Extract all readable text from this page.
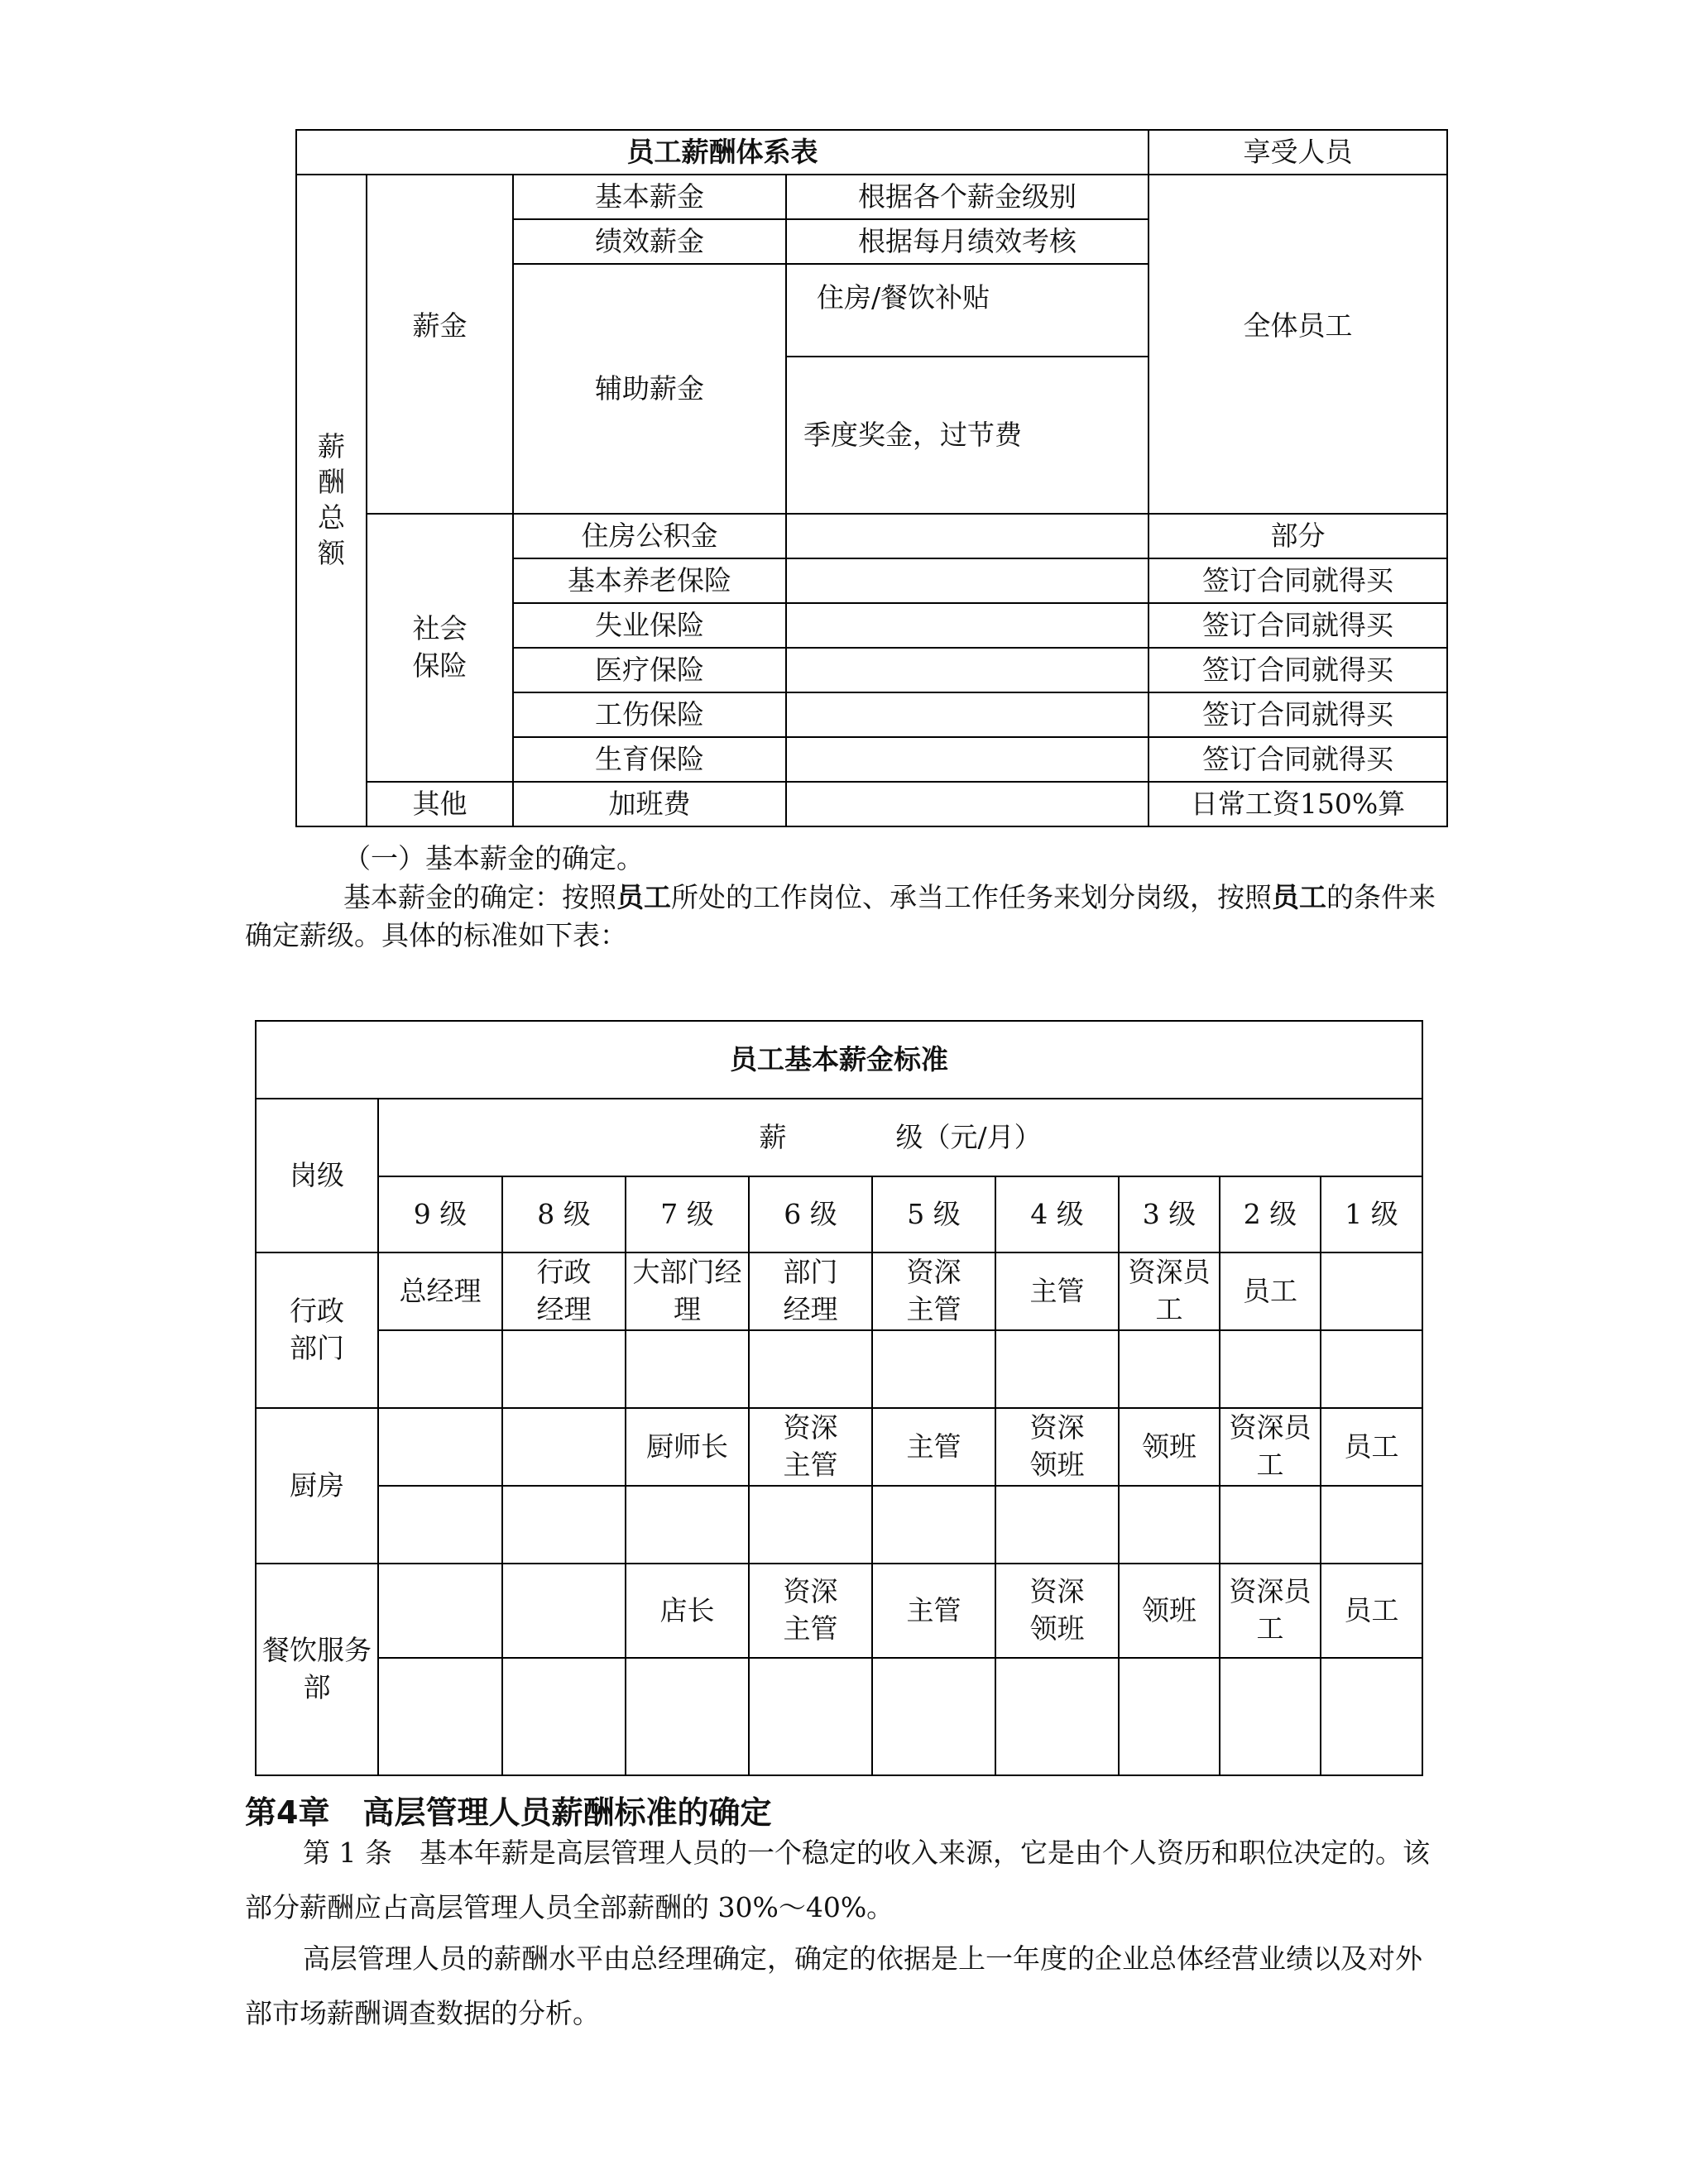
员工薪酬体系表				享受人员

薪酬总额	薪金	基本薪金	根据各个薪金级别	全体员工
		绩效薪金	根据每月绩效考核	
		辅助薪金	住房/餐饮补贴	
			季度奖金，过节费	

	社会保险	住房公积金		部分
		基本养老保险		签订合同就得买
		失业保险		签订合同就得买
		医疗保险		签订合同就得买
		工伤保险		签订合同就得买
		生育保险		签订合同就得买
	其他	加班费		日常工资150%算
（一）基本薪金的确定。
基本薪金的确定：按照员工所处的工作岗位、承当工作任务来划分岗级，按照员工的条件来确定薪级。具体的标准如下表：
员工基本薪金标准									
岗级	薪　　　　级（元/月）								
	9 级	8 级	7 级	6 级	5 级	4 级	3 级	2 级	1 级

行政部门	总经理	行政经理	大部门经理	部门经理	资深主管	主管	资深员工	员工	

厨房			厨师长	资深主管	主管	资深领班	领班	资深员工	员工

餐饮服务部			店长	资深主管	主管	资深领班	领班	资深员工	员工

第4章 高层管理人员薪酬标准的确定
第 1 条　基本年薪是高层管理人员的一个稳定的收入来源，它是由个人资历和职位决定的。该部分薪酬应占高层管理人员全部薪酬的 30%～40%。
高层管理人员的薪酬水平由总经理确定，确定的依据是上一年度的企业总体经营业绩以及对外部市场薪酬调查数据的分析。
